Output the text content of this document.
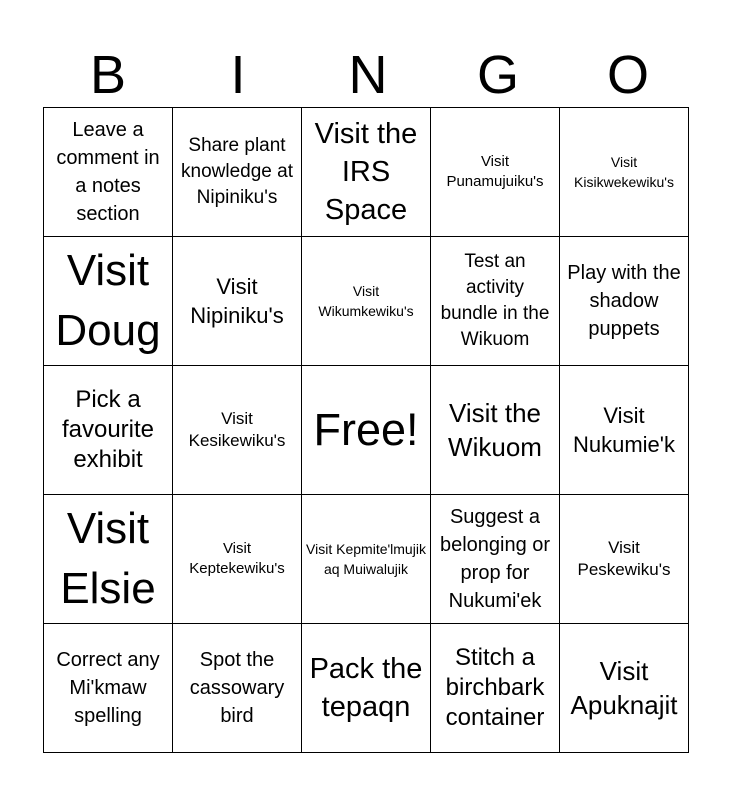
B	I	N	G	O
Leave a comment in a notes section	Share plant knowledge at Nipiniku's	Visit the IRS Space	Visit Punamujuiku's	Visit Kisikwekewiku's

Visit Doug	Visit Nipiniku's	Visit Wikumkewiku's	Test an activity bundle in the Wikuom	Play with the shadow puppets

Pick a favourite exhibit	Visit Kesikewiku's	Free!	Visit the Wikuom	Visit Nukumie'k

Visit Elsie	Visit Keptekewiku's	Visit Kepmite'lmujik aq Muiwalujik	Suggest a belonging or prop for Nukumi'ek	Visit Peskewiku's

Correct any Mi'kmaw spelling	Spot the cassowary bird	Pack the tepaqn	Stitch a birchbark container	Visit Apuknajit
